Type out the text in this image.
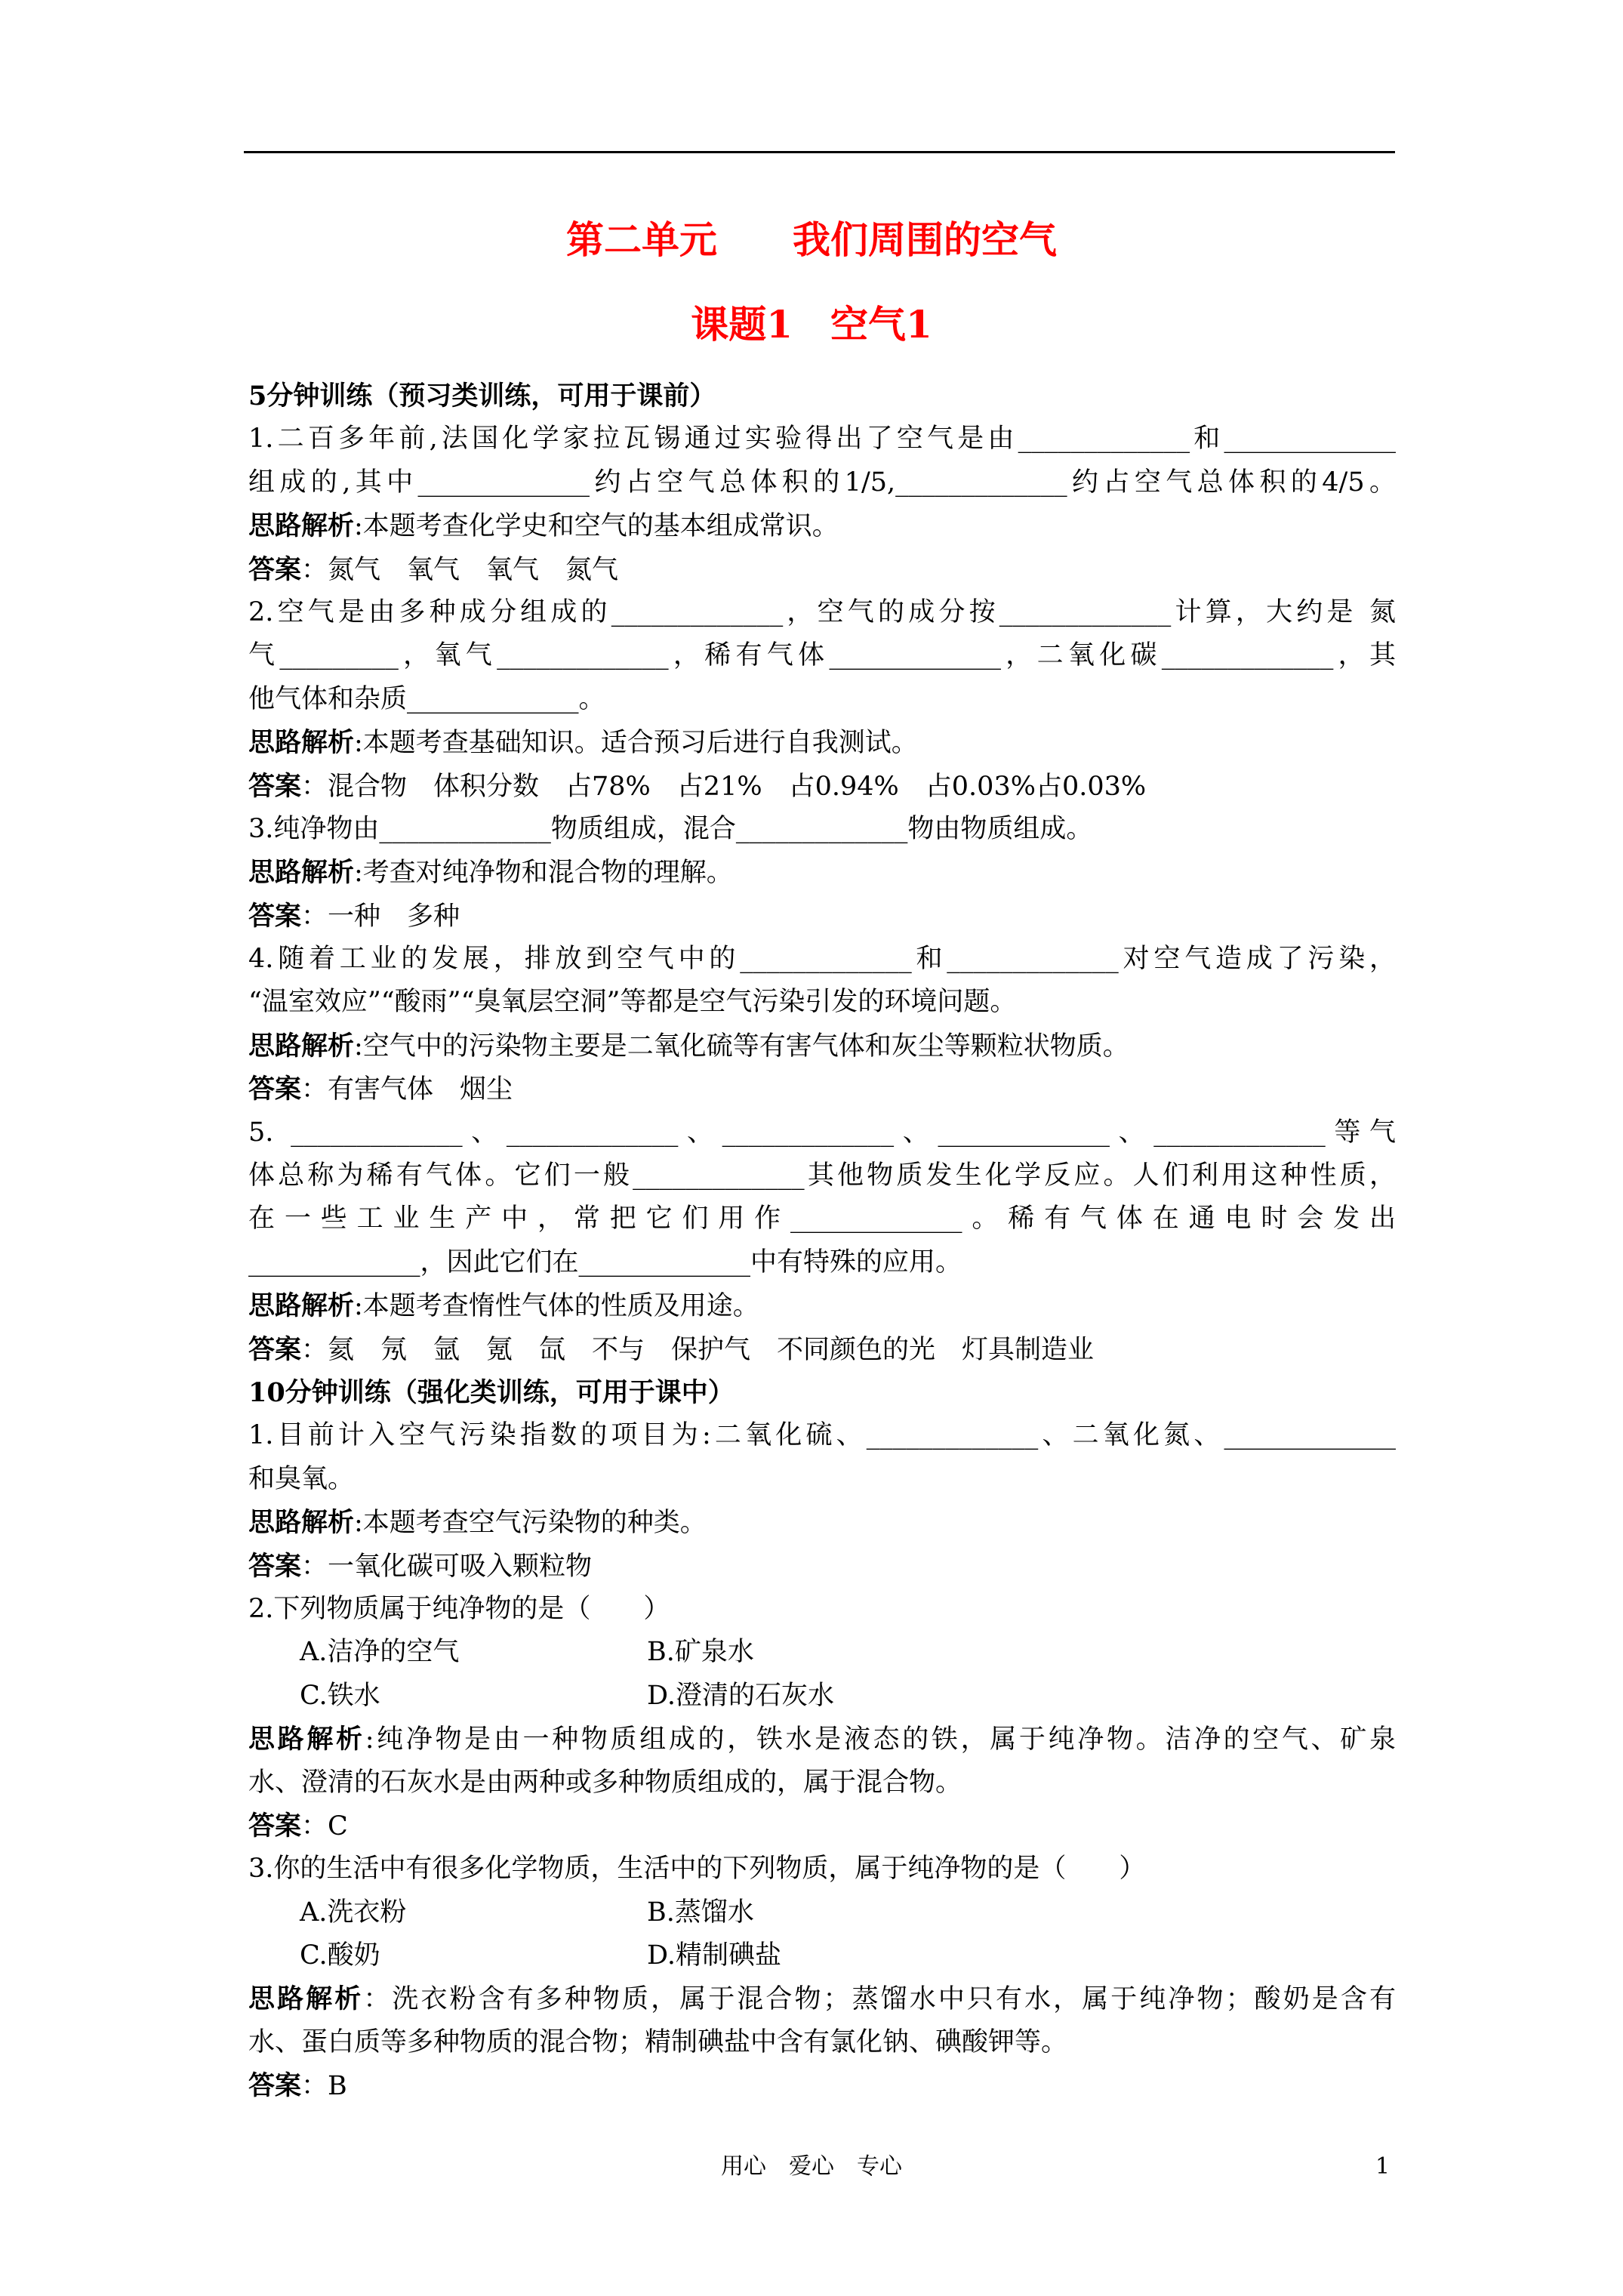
第二单元　　我们周围的空气
课题1　空气1
5分钟训练（预习类训练，可用于课前）
1.二百多年前,法国化学家拉瓦锡通过实验得出了空气是由_____________和_____________
组成的,其中_____________约占空气总体积的1/5,_____________约占空气总体积的4/5。
思路解析:本题考查化学史和空气的基本组成常识。
答案：氮气　氧气　氧气　氮气
2.空气是由多种成分组成的_____________，空气的成分按_____________计算，大约是 氮
气_________，氧气_____________，稀有气体_____________，二氧化碳_____________，其
他气体和杂质_____________。
思路解析:本题考查基础知识。适合预习后进行自我测试。
答案：混合物　体积分数　占78%　占21%　占0.94%　占0.03%占0.03%
3.纯净物由_____________物质组成，混合_____________物由物质组成。
思路解析:考查对纯净物和混合物的理解。
答案：一种　多种
4.随着工业的发展，排放到空气中的_____________和_____________对空气造成了污染，
“温室效应”“酸雨”“臭氧层空洞”等都是空气污染引发的环境问题。
思路解析:空气中的污染物主要是二氧化硫等有害气体和灰尘等颗粒状物质。
答案：有害气体　烟尘
5. _____________、_____________、_____________、_____________、_____________等气
体总称为稀有气体。它们一般_____________其他物质发生化学反应。人们利用这种性质，
在一些工业生产中，常把它们用作_____________。稀有气体在通电时会发出
_____________，因此它们在_____________中有特殊的应用。
思路解析:本题考查惰性气体的性质及用途。
答案：氦　氖　氩　氪　氙　不与　保护气　不同颜色的光　灯具制造业
10分钟训练（强化类训练，可用于课中）
1.目前计入空气污染指数的项目为:二氧化硫、_____________、二氧化氮、_____________
和臭氧。
思路解析:本题考查空气污染物的种类。
答案：一氧化碳可吸入颗粒物
2.下列物质属于纯净物的是（　　）
A.洁净的空气	B.矿泉水
C.铁水	D.澄清的石灰水
思路解析:纯净物是由一种物质组成的，铁水是液态的铁，属于纯净物。洁净的空气、矿泉
水、澄清的石灰水是由两种或多种物质组成的，属于混合物。
答案：C
3.你的生活中有很多化学物质，生活中的下列物质，属于纯净物的是（　　）
A.洗衣粉	B.蒸馏水
C.酸奶	D.精制碘盐
思路解析：洗衣粉含有多种物质，属于混合物；蒸馏水中只有水，属于纯净物；酸奶是含有
水、蛋白质等多种物质的混合物；精制碘盐中含有氯化钠、碘酸钾等。
答案：B
用心　爱心　专心	1
